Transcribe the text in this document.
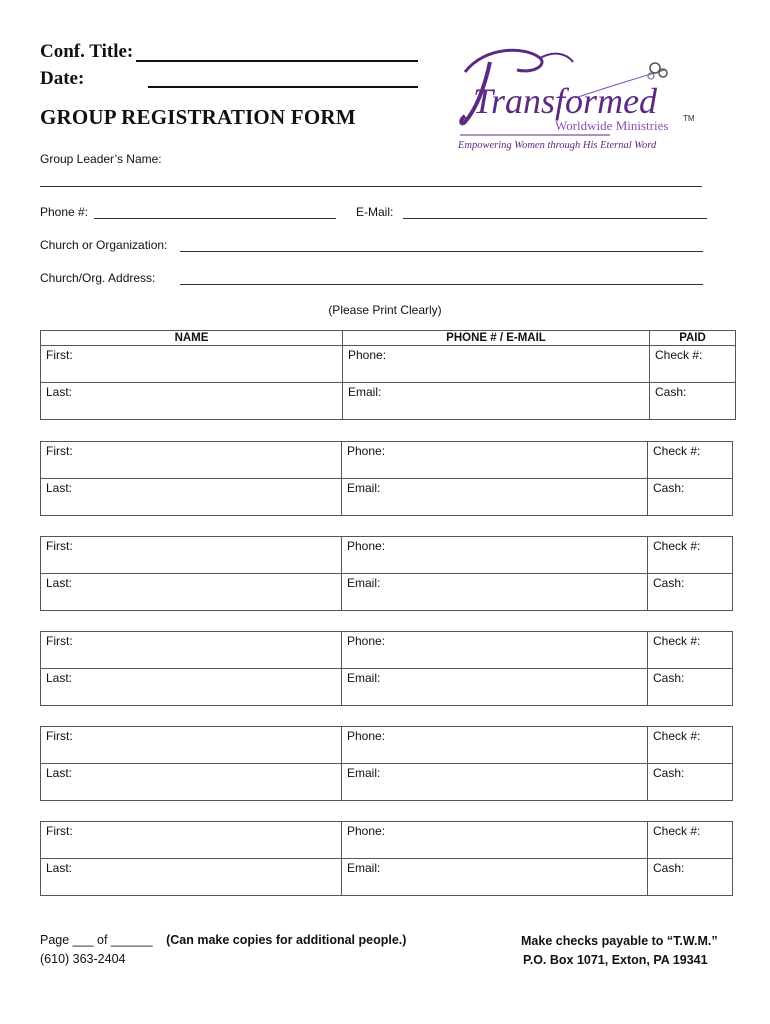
Conf. Title:
Date:
GROUP REGISTRATION FORM	Transformed
Worldwide Ministries TM
Empowering Women through His Eternal Word
Group Leader’s Name:
Phone #:	E-Mail:
Church or Organization:
Church/Org. Address:
(Please Print Clearly)
NAME	PHONE # / E-MAIL	PAID
First:	Phone:	Check #:
Last:	Email:	Cash:
First:	Phone:	Check #:
Last:	Email:	Cash:
First:	Phone:	Check #:
Last:	Email:	Cash:
First:	Phone:	Check #:
Last:	Email:	Cash:
First:	Phone:	Check #:
Last:	Email:	Cash:
First:	Phone:	Check #:
Last:	Email:	Cash:
Page ___ of ______ (Can make copies for additional people.)
(610) 363-2404
Make checks payable to “T.W.M.”
P.O. Box 1071, Exton, PA 19341
